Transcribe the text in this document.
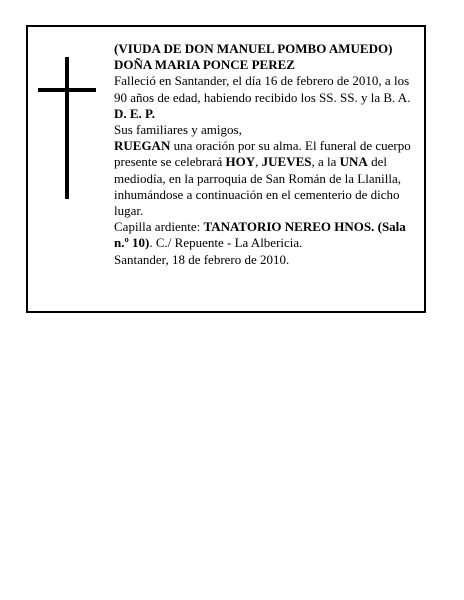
(VIUDA DE DON MANUEL POMBO AMUEDO)

DOÑA MARIA PONCE PEREZ

Falleció en Santander, el día 16 de febrero de 2010, a los 90 años de edad, habiendo recibido los SS. SS. y la B. A.

D. E. P.

Sus familiares y amigos,

RUEGAN una oración por su alma. El funeral de cuerpo presente se celebrará HOY, JUEVES, a la UNA del mediodía, en la parroquia de San Román de la Llanilla, inhumándose a continuación en el cementerio de dicho lugar.

Capilla ardiente: TANATORIO NEREO HNOS. (Sala n.º 10). C./ Repuente - La Albericia.

Santander, 18 de febrero de 2010.
